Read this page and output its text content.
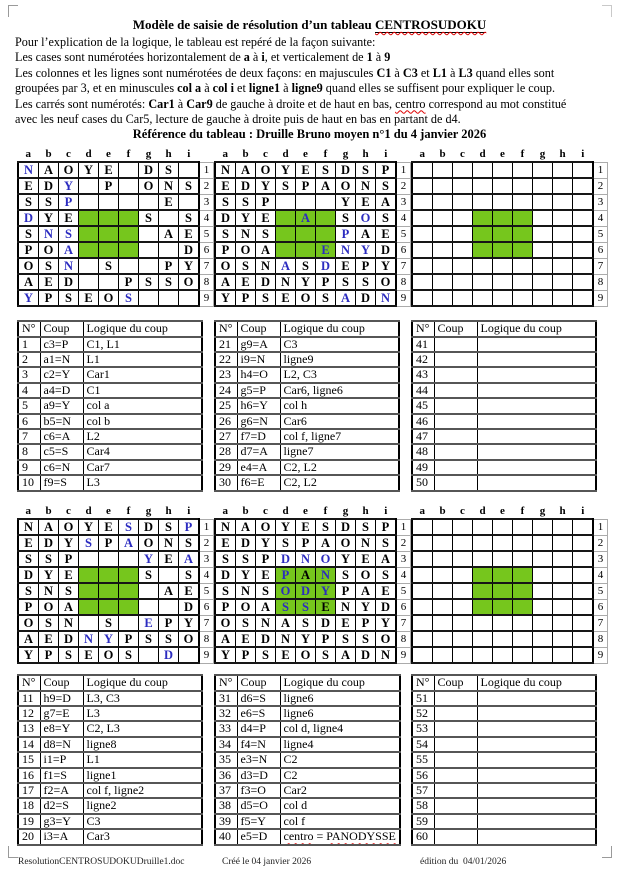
Modèle de saisie de résolution d’un tableau CENTROSUDOKU
Pour l’explication de la logique, le tableau est repéré de la façon suivante:
Les cases sont numérotées horizontalement de a à i, et verticalement de 1 à 9
Les colonnes et les lignes sont numérotées de deux façons: en majuscules C1 à C3 et L1 à L3 quand elles sont
groupées par 3, et en minuscules col a à col i et ligne1 à ligne9 quand elles se suffisent pour expliquer le coup.
Les carrés sont numérotés: Car1 à Car9 de gauche à droite et de haut en bas, centro correspond au mot constitué
avec les neuf cases du Car5, lecture de gauche à droite puis de haut en bas en partant de d4.
Référence du tableau : Druille Bruno moyen n°1 du 4 janvier 2026
a	b	c	d	e	f	g	h	i	
N	A	O	Y	E		D	S		1
E	D	Y		P		O	N	S	2
S	S	P					E		3
D	Y	E				S		S	4
S	N	S					A	E	5
P	O	A						D	6
O	S	N		S			P	Y	7
A	E	D			P	S	S	O	8
Y	P	S	E	O	S				9
a	b	c	d	e	f	g	h	i	
N	A	O	Y	E	S	D	S	P	1
E	D	Y	S	P	A	O	N	S	2
S	S	P				Y	E	A	3
D	Y	E		A		S	O	S	4
S	N	S				P	A	E	5
P	O	A			E	N	Y	D	6
O	S	N	A	S	D	E	P	Y	7
A	E	D	N	Y	P	S	S	O	8
Y	P	S	E	O	S	A	D	N	9
a	b	c	d	e	f	g	h	i	
									1
									2
									3
									4
									5
									6
									7
									8
									9
a	b	c	d	e	f	g	h	i	
N	A	O	Y	E	S	D	S	P	1
E	D	Y	S	P	A	O	N	S	2
S	S	P				Y	E	A	3
D	Y	E				S		S	4
S	N	S					A	E	5
P	O	A						D	6
O	S	N		S		E	P	Y	7
A	E	D	N	Y	P	S	S	O	8
Y	P	S	E	O	S		D		9
a	b	c	d	e	f	g	h	i	
N	A	O	Y	E	S	D	S	P	1
E	D	Y	S	P	A	O	N	S	2
S	S	P	D	N	O	Y	E	A	3
D	Y	E	P	A	N	S	O	S	4
S	N	S	O	D	Y	P	A	E	5
P	O	A	S	S	E	N	Y	D	6
O	S	N	A	S	D	E	P	Y	7
A	E	D	N	Y	P	S	S	O	8
Y	P	S	E	O	S	A	D	N	9
a	b	c	d	e	f	g	h	i	
									1
									2
									3
									4
									5
									6
									7
									8
									9
N°	Coup	Logique du coup
1	c3=P	C1, L1
2	a1=N	L1
3	c2=Y	Car1
4	a4=D	C1
5	a9=Y	col a
6	b5=N	col b
7	c6=A	L2
8	c5=S	Car4
9	c6=N	Car7
10	f9=S	L3
N°	Coup	Logique du coup
21	g9=A	C3
22	i9=N	ligne9
23	h4=O	L2, C3
24	g5=P	Car6, ligne6
25	h6=Y	col h
26	g6=N	Car6
27	f7=D	col f, ligne7
28	d7=A	ligne7
29	e4=A	C2, L2
30	f6=E	C2, L2
N°	Coup	Logique du coup
41		
42		
43		
44		
45		
46		
47		
48		
49		
50		
N°	Coup	Logique du coup
11	h9=D	L3, C3
12	g7=E	L3
13	e8=Y	C2, L3
14	d8=N	ligne8
15	i1=P	L1
16	f1=S	ligne1
17	f2=A	col f, ligne2
18	d2=S	ligne2
19	g3=Y	C3
20	i3=A	Car3
N°	Coup	Logique du coup
31	d6=S	ligne6
32	e6=S	ligne6
33	d4=P	col d, ligne4
34	f4=N	ligne4
35	e3=N	C2
36	d3=D	C2
37	f3=O	Car2
38	d5=O	col d
39	f5=Y	col f
40	e5=D	centro = PANODYSSE
N°	Coup	Logique du coup
51		
52		
53		
54		
55		
56		
57		
58		
59		
60		
ResolutionCENTROSUDOKUDruille1.doc	Créé le 04 janvier 2026	édition du  04/01/2026
